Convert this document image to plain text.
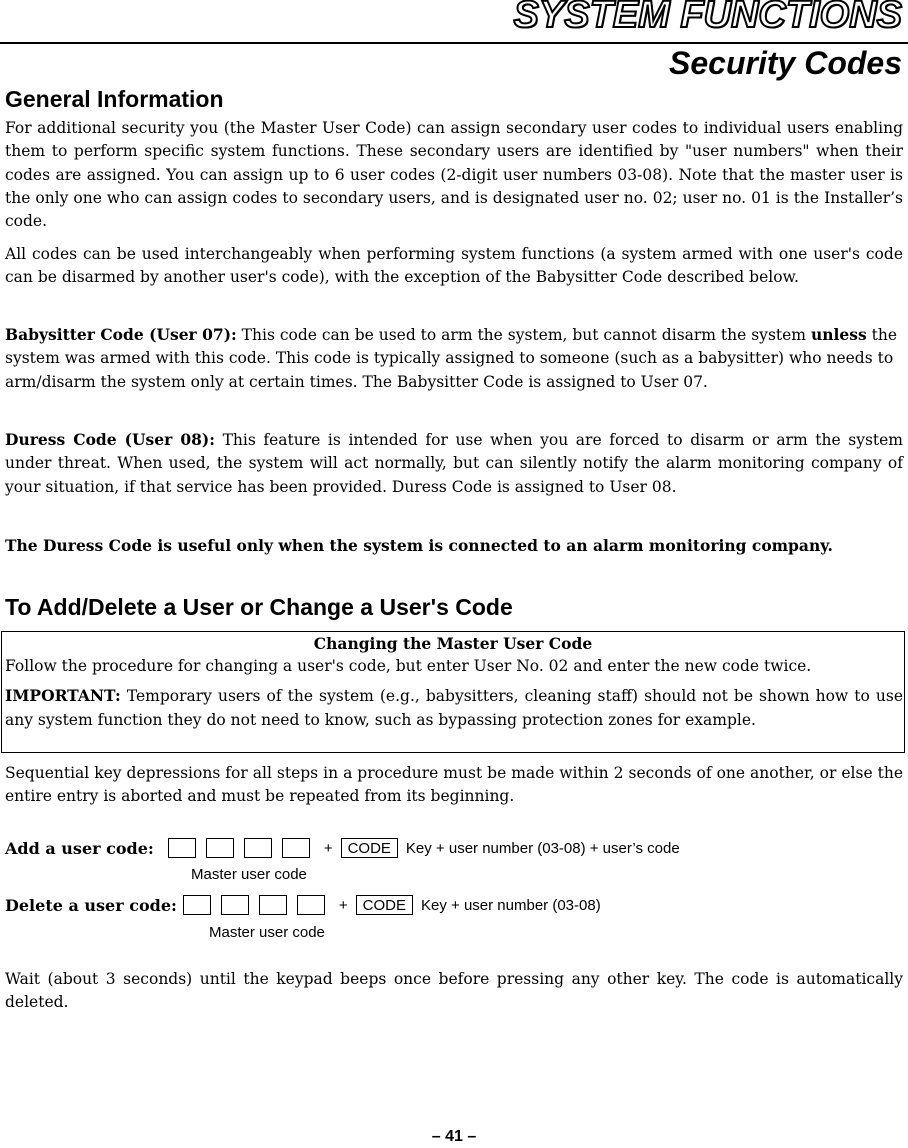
SYSTEM FUNCTIONS
Security Codes
General Information

For additional security you (the Master User Code) can assign secondary user codes to individual users enabling them to perform specific system functions. These secondary users are identified by "user numbers" when their codes are assigned. You can assign up to 6 user codes (2-digit user numbers 03-08). Note that the master user is the only one who can assign codes to secondary users, and is designated user no. 02; user no. 01 is the Installer’s code.

All codes can be used interchangeably when performing system functions (a system armed with one user's code can be disarmed by another user's code), with the exception of the Babysitter Code described below.

Babysitter Code (User 07): This code can be used to arm the system, but cannot disarm the system unless the system was armed with this code. This code is typically assigned to someone (such as a babysitter) who needs to arm/disarm the system only at certain times. The Babysitter Code is assigned to User 07.

Duress Code (User 08): This feature is intended for use when you are forced to disarm or arm the system under threat. When used, the system will act normally, but can silently notify the alarm monitoring company of your situation, if that service has been provided. Duress Code is assigned to User 08.

The Duress Code is useful only when the system is connected to an alarm monitoring company.

To Add/Delete a User or Change a User's Code

Changing the Master User Code

Follow the procedure for changing a user's code, but enter User No. 02 and enter the new code twice.

IMPORTANT: Temporary users of the system (e.g., babysitters, cleaning staff) should not be shown how to use any system function they do not need to know, such as bypassing protection zones for example.

Sequential key depressions for all steps in a procedure must be made within 2 seconds of one another, or else the entire entry is aborted and must be repeated from its beginning.

Add a user code:	+	CODE	Key + user number (03-08) + user’s code
Master user code
Delete a user code:	+	CODE	Key + user number (03-08)
Master user code

Wait (about 3 seconds) until the keypad beeps once before pressing any other key. The code is automatically deleted.

– 41 –
